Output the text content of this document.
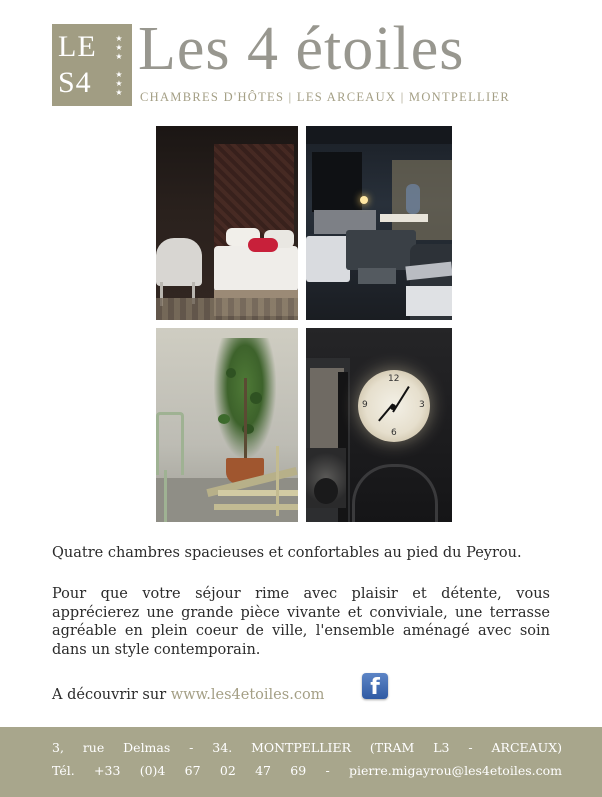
LE	★
★
★
S4	★
★
★
Les 4 étoiles
CHAMBRES D'HÔTES | LES ARCEAUX | MONTPELLIER
12
3
6
9
Quatre chambres spacieuses et confortables au pied du Peyrou.
Pour que votre séjour rime avec plaisir et détente, vous apprécierez une grande pièce vivante et conviviale, une terrasse agréable en plein coeur de ville, l'ensemble aménagé avec soin dans un style contemporain.
A découvrir sur www.les4etoiles.com	f
3, rue Delmas - 34. MONTPELLIER (TRAM L3 - ARCEAUX)
Tél. +33 (0)4 67 02 47 69 - pierre.migayrou@les4etoiles.com
